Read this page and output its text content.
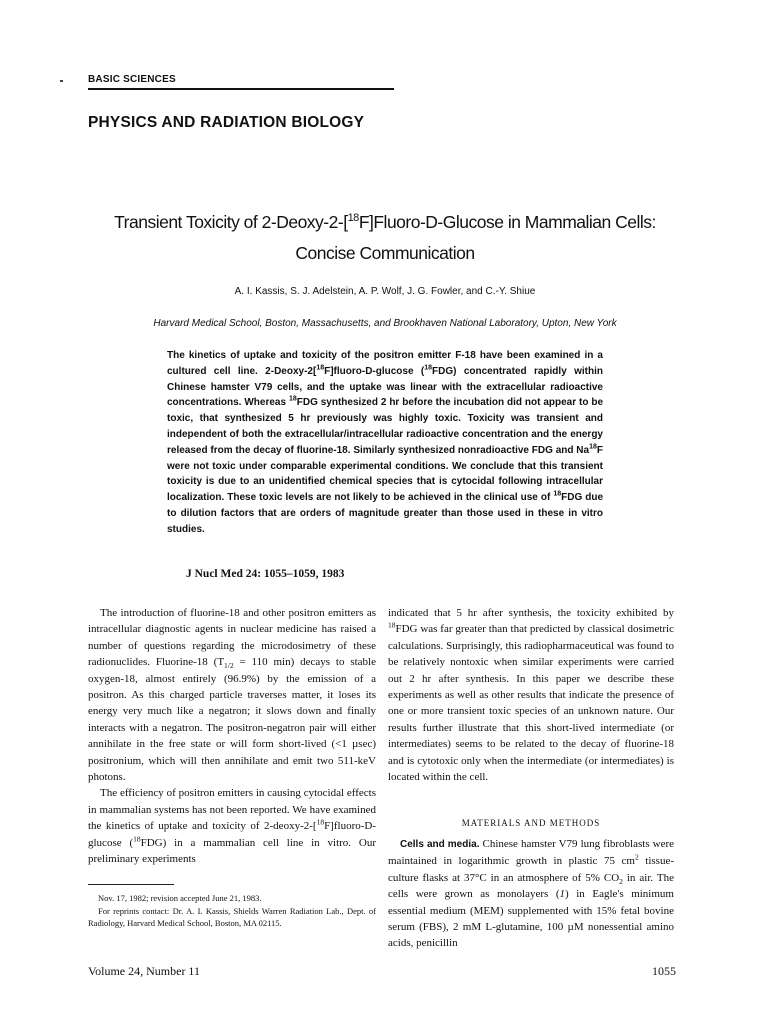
BASIC SCIENCES
PHYSICS AND RADIATION BIOLOGY
Transient Toxicity of 2-Deoxy-2-[$^{18}$F]Fluoro-D-Glucose in Mammalian Cells:
Concise Communication
A. I. Kassis, S. J. Adelstein, A. P. Wolf, J. G. Fowler, and C.-Y. Shiue
Harvard Medical School, Boston, Massachusetts, and Brookhaven National Laboratory, Upton, New York
The kinetics of uptake and toxicity of the positron emitter F-18 have been examined in a cultured cell line. 2-Deoxy-2[$^{18}$F]fluoro-D-glucose ($^{18}$FDG) concentrated rapidly within Chinese hamster V79 cells, and the uptake was linear with the extracellular radioactive concentrations. Whereas $^{18}$FDG synthesized 2 hr before the incubation did not appear to be toxic, that synthesized 5 hr previously was highly toxic. Toxicity was transient and independent of both the extracellular/intracellular radioactive concentration and the energy released from the decay of fluorine-18. Similarly synthesized nonradioactive FDG and Na$^{18}$F were not toxic under comparable experimental conditions. We conclude that this transient toxicity is due to an unidentified chemical species that is cytocidal following intracellular localization. These toxic levels are not likely to be achieved in the clinical use of $^{18}$FDG due to dilution factors that are orders of magnitude greater than those used in these in vitro studies.
J Nucl Med 24: 1055–1059, 1983

The introduction of fluorine-18 and other positron emitters as intracellular diagnostic agents in nuclear medicine has raised a number of questions regarding the microdosimetry of these radionuclides. Fluorine-18 ($T_{1/2} = 110$ min) decays to stable oxygen-18, almost entirely (96.9%) by the emission of a positron. As this charged particle traverses matter, it loses its energy very much like a negatron; it slows down and finally interacts with a negatron. The positron-negatron pair will either annihilate in the free state or will form short-lived (<1 µsec) positronium, which will then annihilate and emit two 511-keV photons.

The efficiency of positron emitters in causing cytocidal effects in mammalian systems has not been reported. We have examined the kinetics of uptake and toxicity of 2-deoxy-2-[$^{18}$F]fluoro-D-glucose ($^{18}$FDG) in a mammalian cell line in vitro. Our preliminary experiments

indicated that 5 hr after synthesis, the toxicity exhibited by $^{18}$FDG was far greater than that predicted by classical dosimetric calculations. Surprisingly, this radiopharmaceutical was found to be relatively nontoxic when similar experiments were carried out 2 hr after synthesis. In this paper we describe these experiments as well as other results that indicate the presence of one or more transient toxic species of an unknown nature. Our results further illustrate that this short-lived intermediate (or intermediates) seems to be related to the decay of fluorine-18 and is cytotoxic only when the intermediate (or intermediates) is located within the cell.

MATERIALS AND METHODS

Cells and media. Chinese hamster V79 lung fibroblasts were maintained in logarithmic growth in plastic 75 $cm^2$ tissue-culture flasks at 37°C in an atmosphere of 5% $CO_2$ in air. The cells were grown as monolayers (1) in Eagle's minimum essential medium (MEM) supplemented with 15% fetal bovine serum (FBS), 2 mM L-glutamine, 100 µM nonessential amino acids, penicillin

Nov. 17, 1982; revision accepted June 21, 1983.

For reprints contact: Dr. A. I. Kassis, Shields Warren Radiation Lab., Dept. of Radiology, Harvard Medical School, Boston, MA 02115.

Volume 24, Number 11	1055
